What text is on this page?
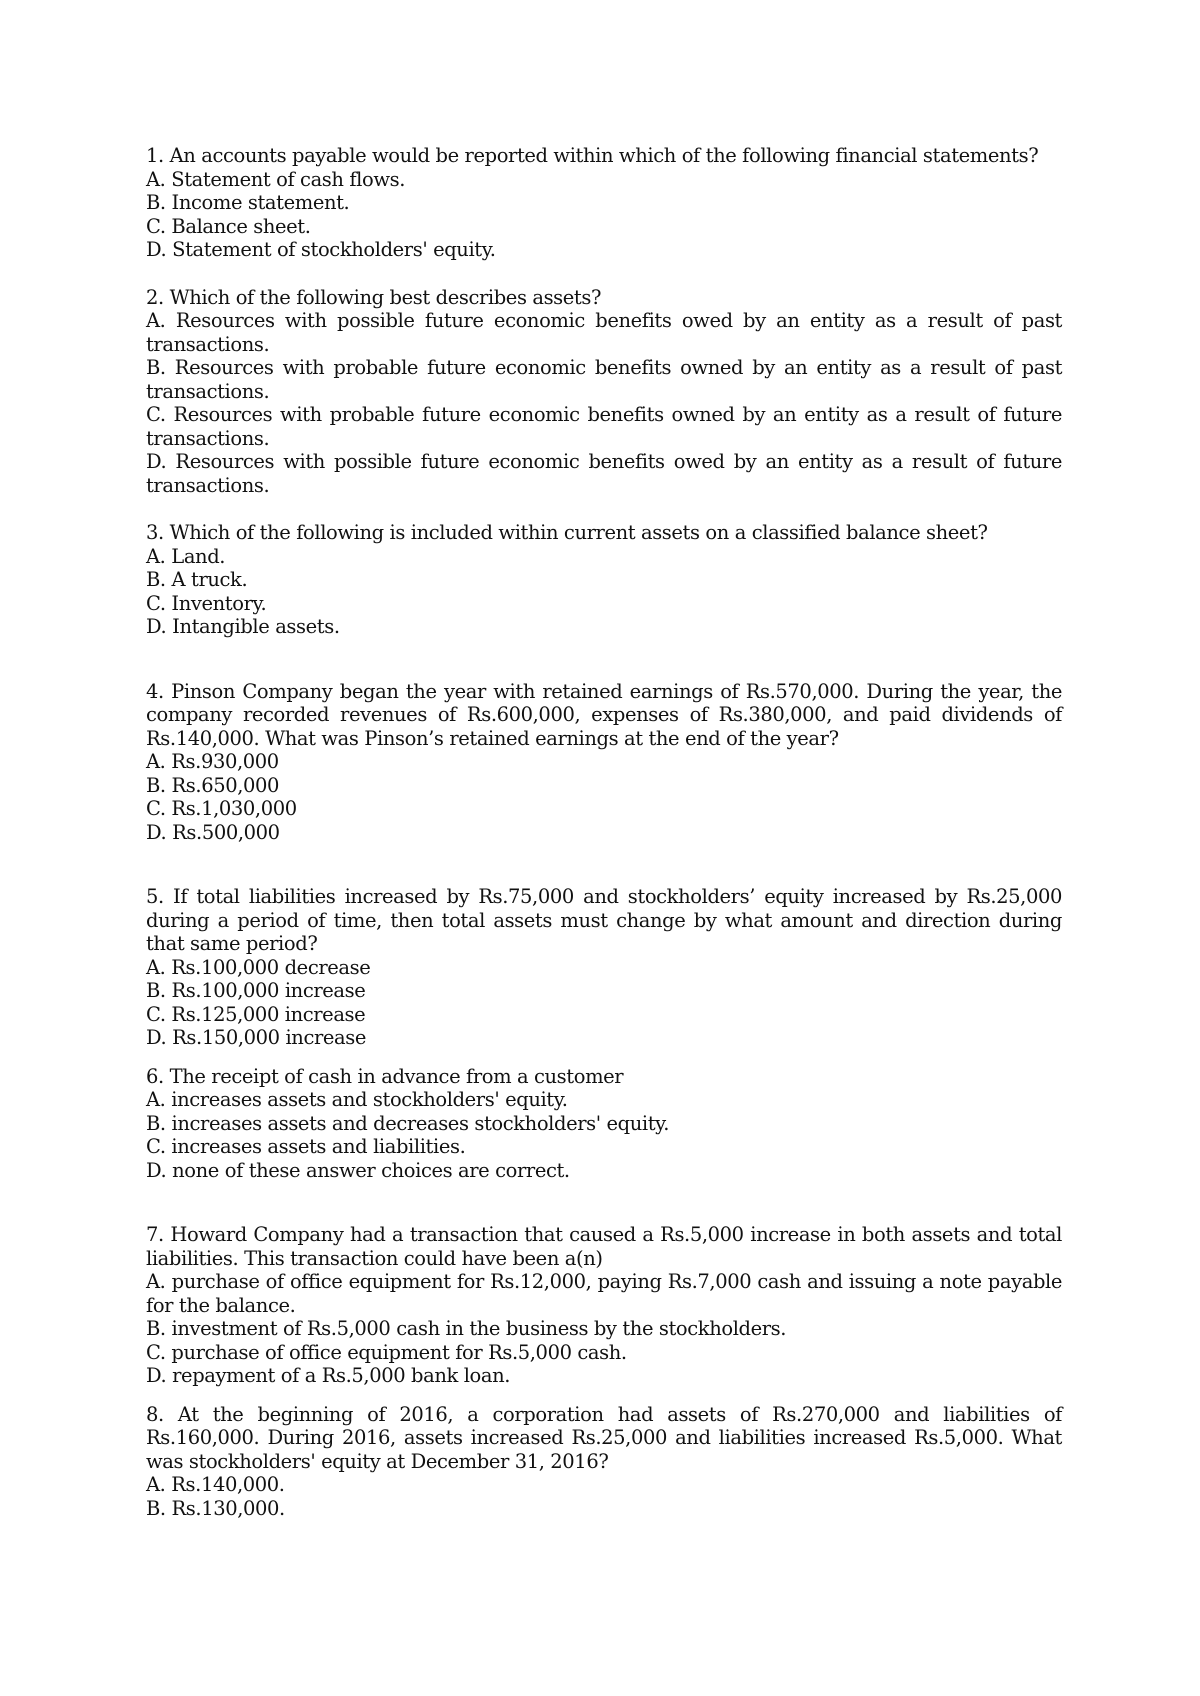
1. An accounts payable would be reported within which of the following financial statements?

A. Statement of cash flows.

B. Income statement.

C. Balance sheet.

D. Statement of stockholders' equity.

2. Which of the following best describes assets?

A. Resources with possible future economic benefits owed by an entity as a result of past transactions.

B. Resources with probable future economic benefits owned by an entity as a result of past transactions.

C. Resources with probable future economic benefits owned by an entity as a result of future transactions.

D. Resources with possible future economic benefits owed by an entity as a result of future transactions.

3. Which of the following is included within current assets on a classified balance sheet?

A. Land.

B. A truck.

C. Inventory.

D. Intangible assets.

4. Pinson Company began the year with retained earnings of Rs.570,000. During the year, the company recorded revenues of Rs.600,000, expenses of Rs.380,000, and paid dividends of Rs.140,000. What was Pinson’s retained earnings at the end of the year?

A. Rs.930,000

B. Rs.650,000

C. Rs.1,030,000

D. Rs.500,000

5. If total liabilities increased by Rs.75,000 and stockholders’ equity increased by Rs.25,000 during a period of time, then total assets must change by what amount and direction during that same period?

A. Rs.100,000 decrease

B. Rs.100,000 increase

C. Rs.125,000 increase

D. Rs.150,000 increase

6. The receipt of cash in advance from a customer

A. increases assets and stockholders' equity.

B. increases assets and decreases stockholders' equity.

C. increases assets and liabilities.

D. none of these answer choices are correct.

7. Howard Company had a transaction that caused a Rs.5,000 increase in both assets and total liabilities. This transaction could have been a(n)

A. purchase of office equipment for Rs.12,000, paying Rs.7,000 cash and issuing a note payable for the balance.

B. investment of Rs.5,000 cash in the business by the stockholders.

C. purchase of office equipment for Rs.5,000 cash.

D. repayment of a Rs.5,000 bank loan.

8. At the beginning of 2016, a corporation had assets of Rs.270,000 and liabilities of Rs.160,000. During 2016, assets increased Rs.25,000 and liabilities increased Rs.5,000. What was stockholders' equity at December 31, 2016?

A. Rs.140,000.

B. Rs.130,000.
